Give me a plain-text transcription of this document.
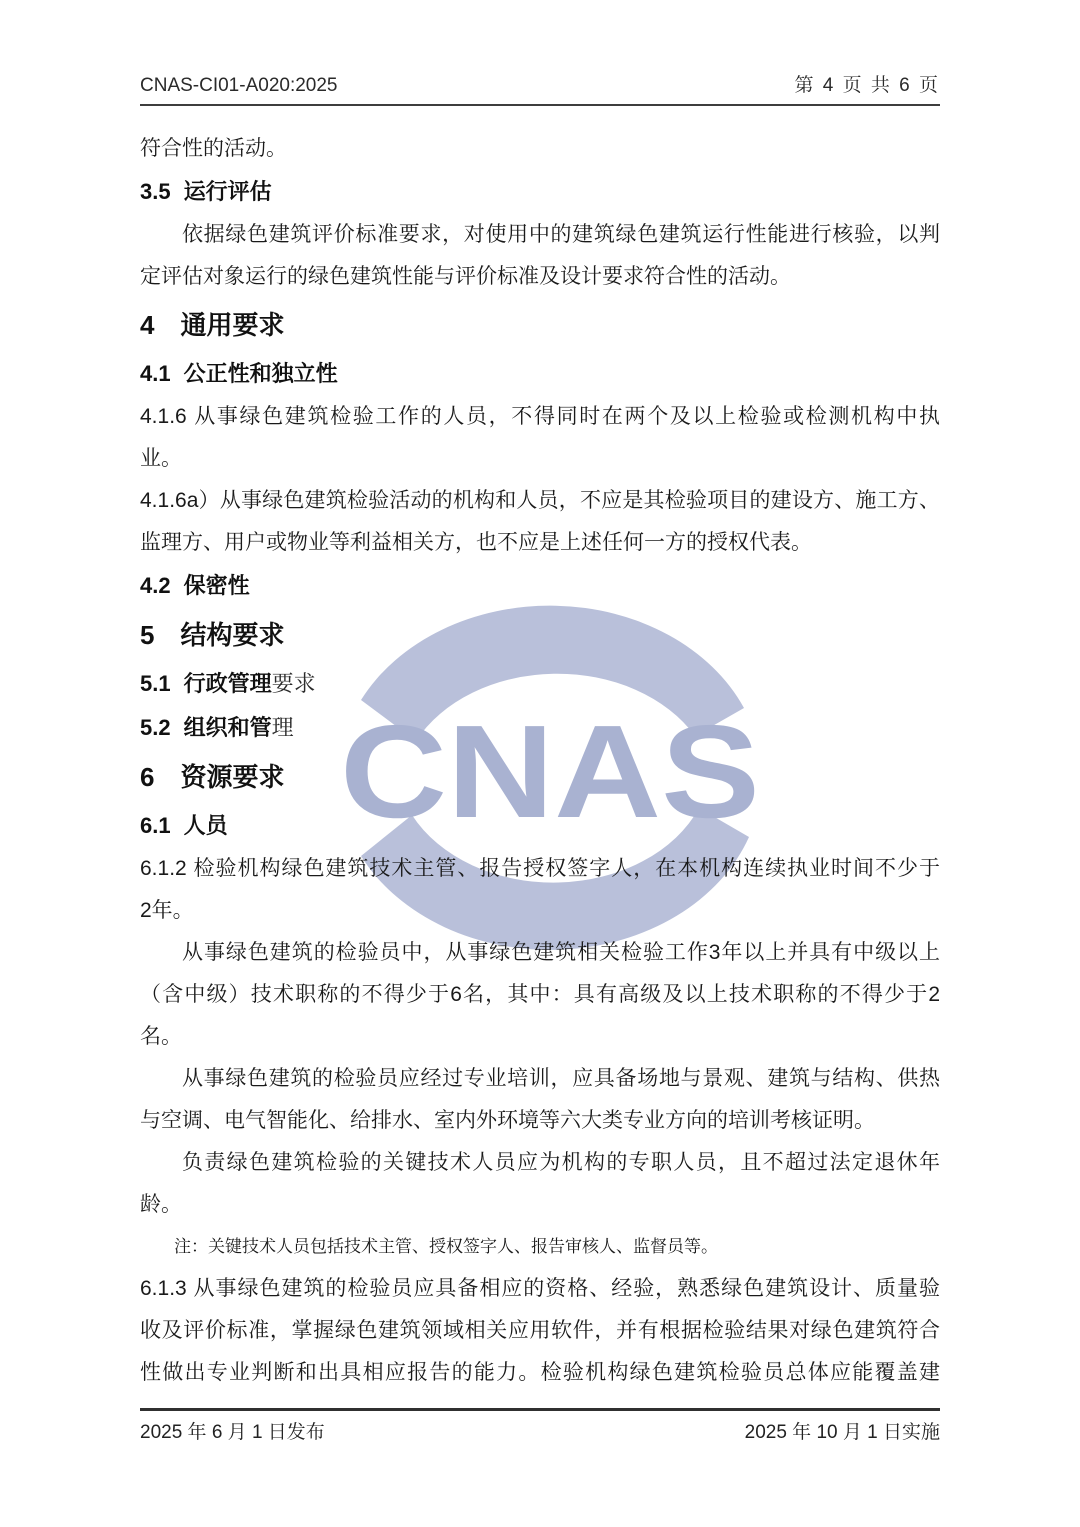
CNAS-CI01-A020:2025	第 4 页 共 6 页
CNAS
符合性的活动。
3.5 运行评估
依据绿色建筑评价标准要求，对使用中的建筑绿色建筑运行性能进行核验，以判
定评估对象运行的绿色建筑性能与评价标准及设计要求符合性的活动。
4 通用要求
4.1 公正性和独立性
4.1.6 从事绿色建筑检验工作的人员，不得同时在两个及以上检验或检测机构中执
业。
4.1.6a）从事绿色建筑检验活动的机构和人员，不应是其检验项目的建设方、施工方、
监理方、用户或物业等利益相关方，也不应是上述任何一方的授权代表。
4.2 保密性
5 结构要求
5.1 行政管理要求
5.2 组织和管理
6 资源要求
6.1 人员
6.1.2 检验机构绿色建筑技术主管、报告授权签字人，在本机构连续执业时间不少于
2年。
从事绿色建筑的检验员中，从事绿色建筑相关检验工作3年以上并具有中级以上
（含中级）技术职称的不得少于6名，其中：具有高级及以上技术职称的不得少于2
名。
从事绿色建筑的检验员应经过专业培训，应具备场地与景观、建筑与结构、供热
与空调、电气智能化、给排水、室内外环境等六大类专业方向的培训考核证明。
负责绿色建筑检验的关键技术人员应为机构的专职人员，且不超过法定退休年
龄。
注：关键技术人员包括技术主管、授权签字人、报告审核人、监督员等。
6.1.3 从事绿色建筑的检验员应具备相应的资格、经验，熟悉绿色建筑设计、质量验
收及评价标准，掌握绿色建筑领域相关应用软件，并有根据检验结果对绿色建筑符合
性做出专业判断和出具相应报告的能力。检验机构绿色建筑检验员总体应能覆盖建
2025 年 6 月 1 日发布	2025 年 10 月 1 日实施
